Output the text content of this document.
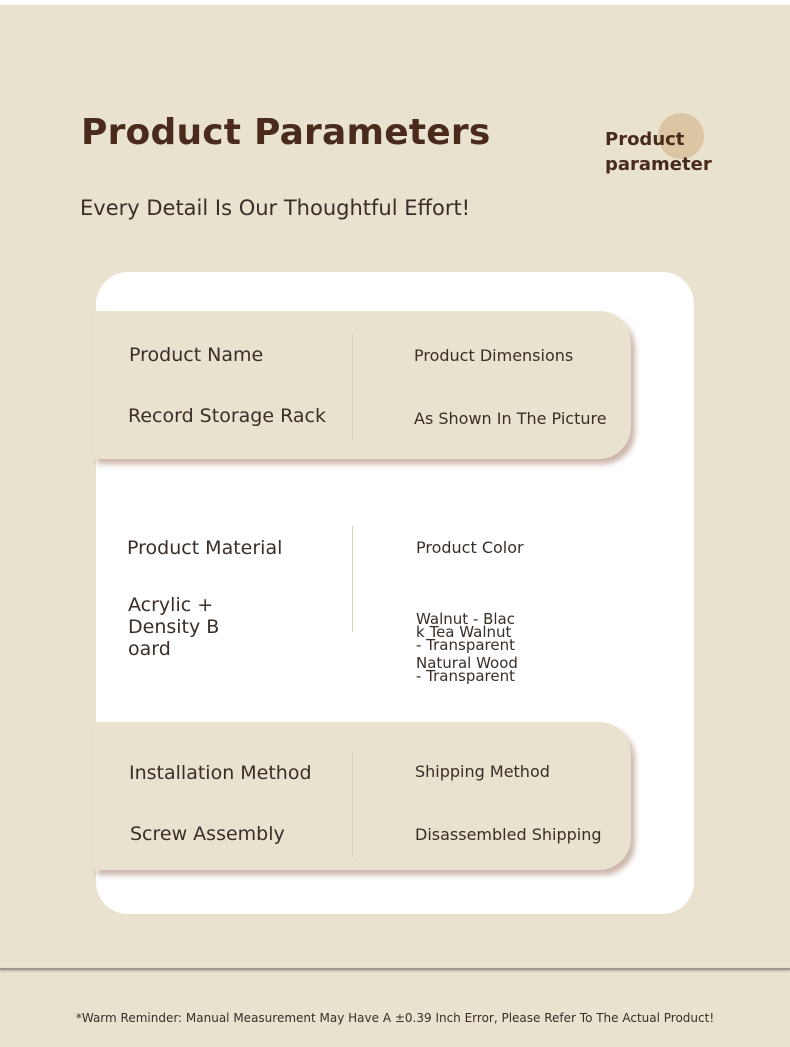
Product Parameters
Every Detail Is Our Thoughtful Effort!
Product
parameter
Product Name
Record Storage Rack
Product Dimensions
As Shown In The Picture
Product Material
Acrylic +
Density B
oard
Product Color
Walnut - Blac
k Tea Walnut
- Transparent
Natural Wood
- Transparent
Installation Method
Screw Assembly
Shipping Method
Disassembled Shipping
*Warm Reminder: Manual Measurement May Have A ±0.39 Inch Error, Please Refer To The Actual Product!
